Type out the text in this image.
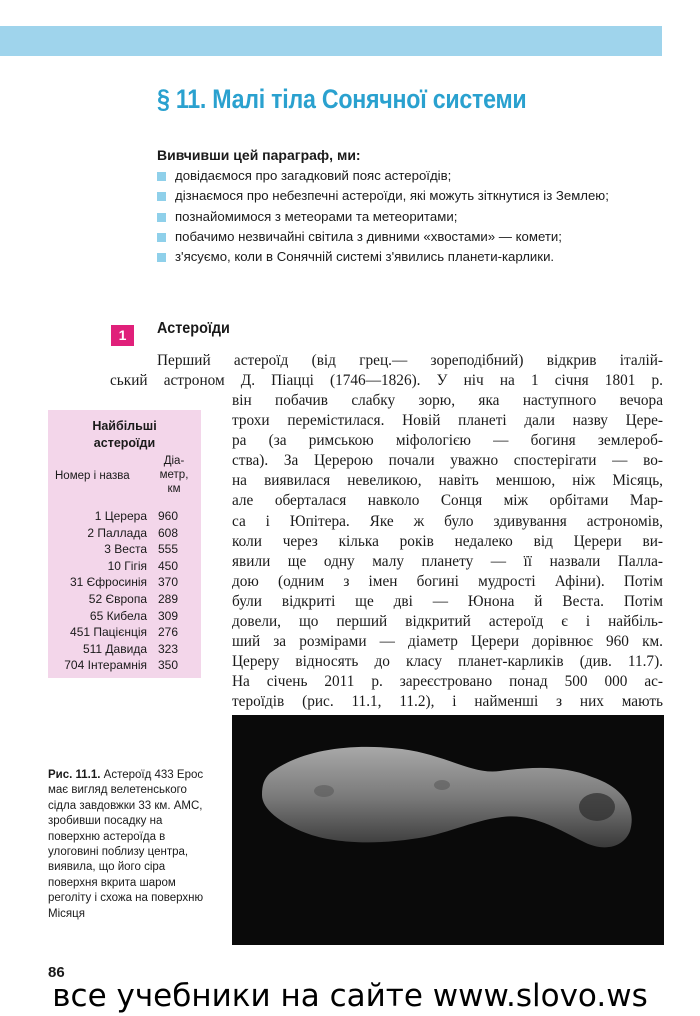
§ 11. Малі тіла Сонячної системи
Вивчивши цей параграф, ми:
довідаємося про загадковий пояс астероїдів;
дізнаємося про небезпечні астероїди, які можуть зіткнутися із Землею;
познайомимося з метеорами та метеоритами;
побачимо незвичайні світила з дивними «хвостами» — комети;
з'ясуємо, коли в Сонячній системі з'явились планети-карлики.
1	Астероїди
Перший астероїд (від грец.— зореподібний) відкрив італій-
ський астроном Д. Піацці (1746—1826). У ніч на 1 січня 1801 р.
він побачив слабку зорю, яка наступного вечора
трохи перемістилася. Новій планеті дали назву Цере-
ра (за римською міфологією — богиня землероб-
ства). За Церерою почали уважно спостерігати — во-
на виявилася невеликою, навіть меншою, ніж Місяць,
але оберталася навколо Сонця між орбітами Мар-
са і Юпітера. Яке ж було здивування астрономів,
коли через кілька років недалеко від Церери ви-
явили ще одну малу планету — її назвали Палла-
дою (одним з імен богині мудрості Афіни). Потім
були відкриті ще дві — Юнона й Веста. Потім
довели, що перший відкритий астероїд є і найбіль-
ший за розмірами — діаметр Церери дорівнює 960 км.
Цереру відносять до класу планет-карликів (див. 11.7).
На січень 2011 р. зареєстровано понад 500 000 ас-
тероїдів (рис. 11.1, 11.2), і найменші з них мають
Найбільші
астероїди
Номер і назва
Діа-
метр,
км
1 Церера 960
2 Паллада 608
3 Веста 555
10 Гігія 450
31 Єфросинія 370
52 Європа 289
65 Кибела 309
451 Пацієнція 276
511 Давида 323
704 Інтерамнія 350
Рис. 11.1. Астероїд 433 Ерос має вигляд велетенського сідла завдовжки 33 км. АМС, зробивши посадку на поверхню астероїда в улоговині поблизу центра, виявила, що його сіра поверхня вкрита шаром реголіту і схожа на поверхню Місяця
86
все учебники на сайте www.slovo.ws
